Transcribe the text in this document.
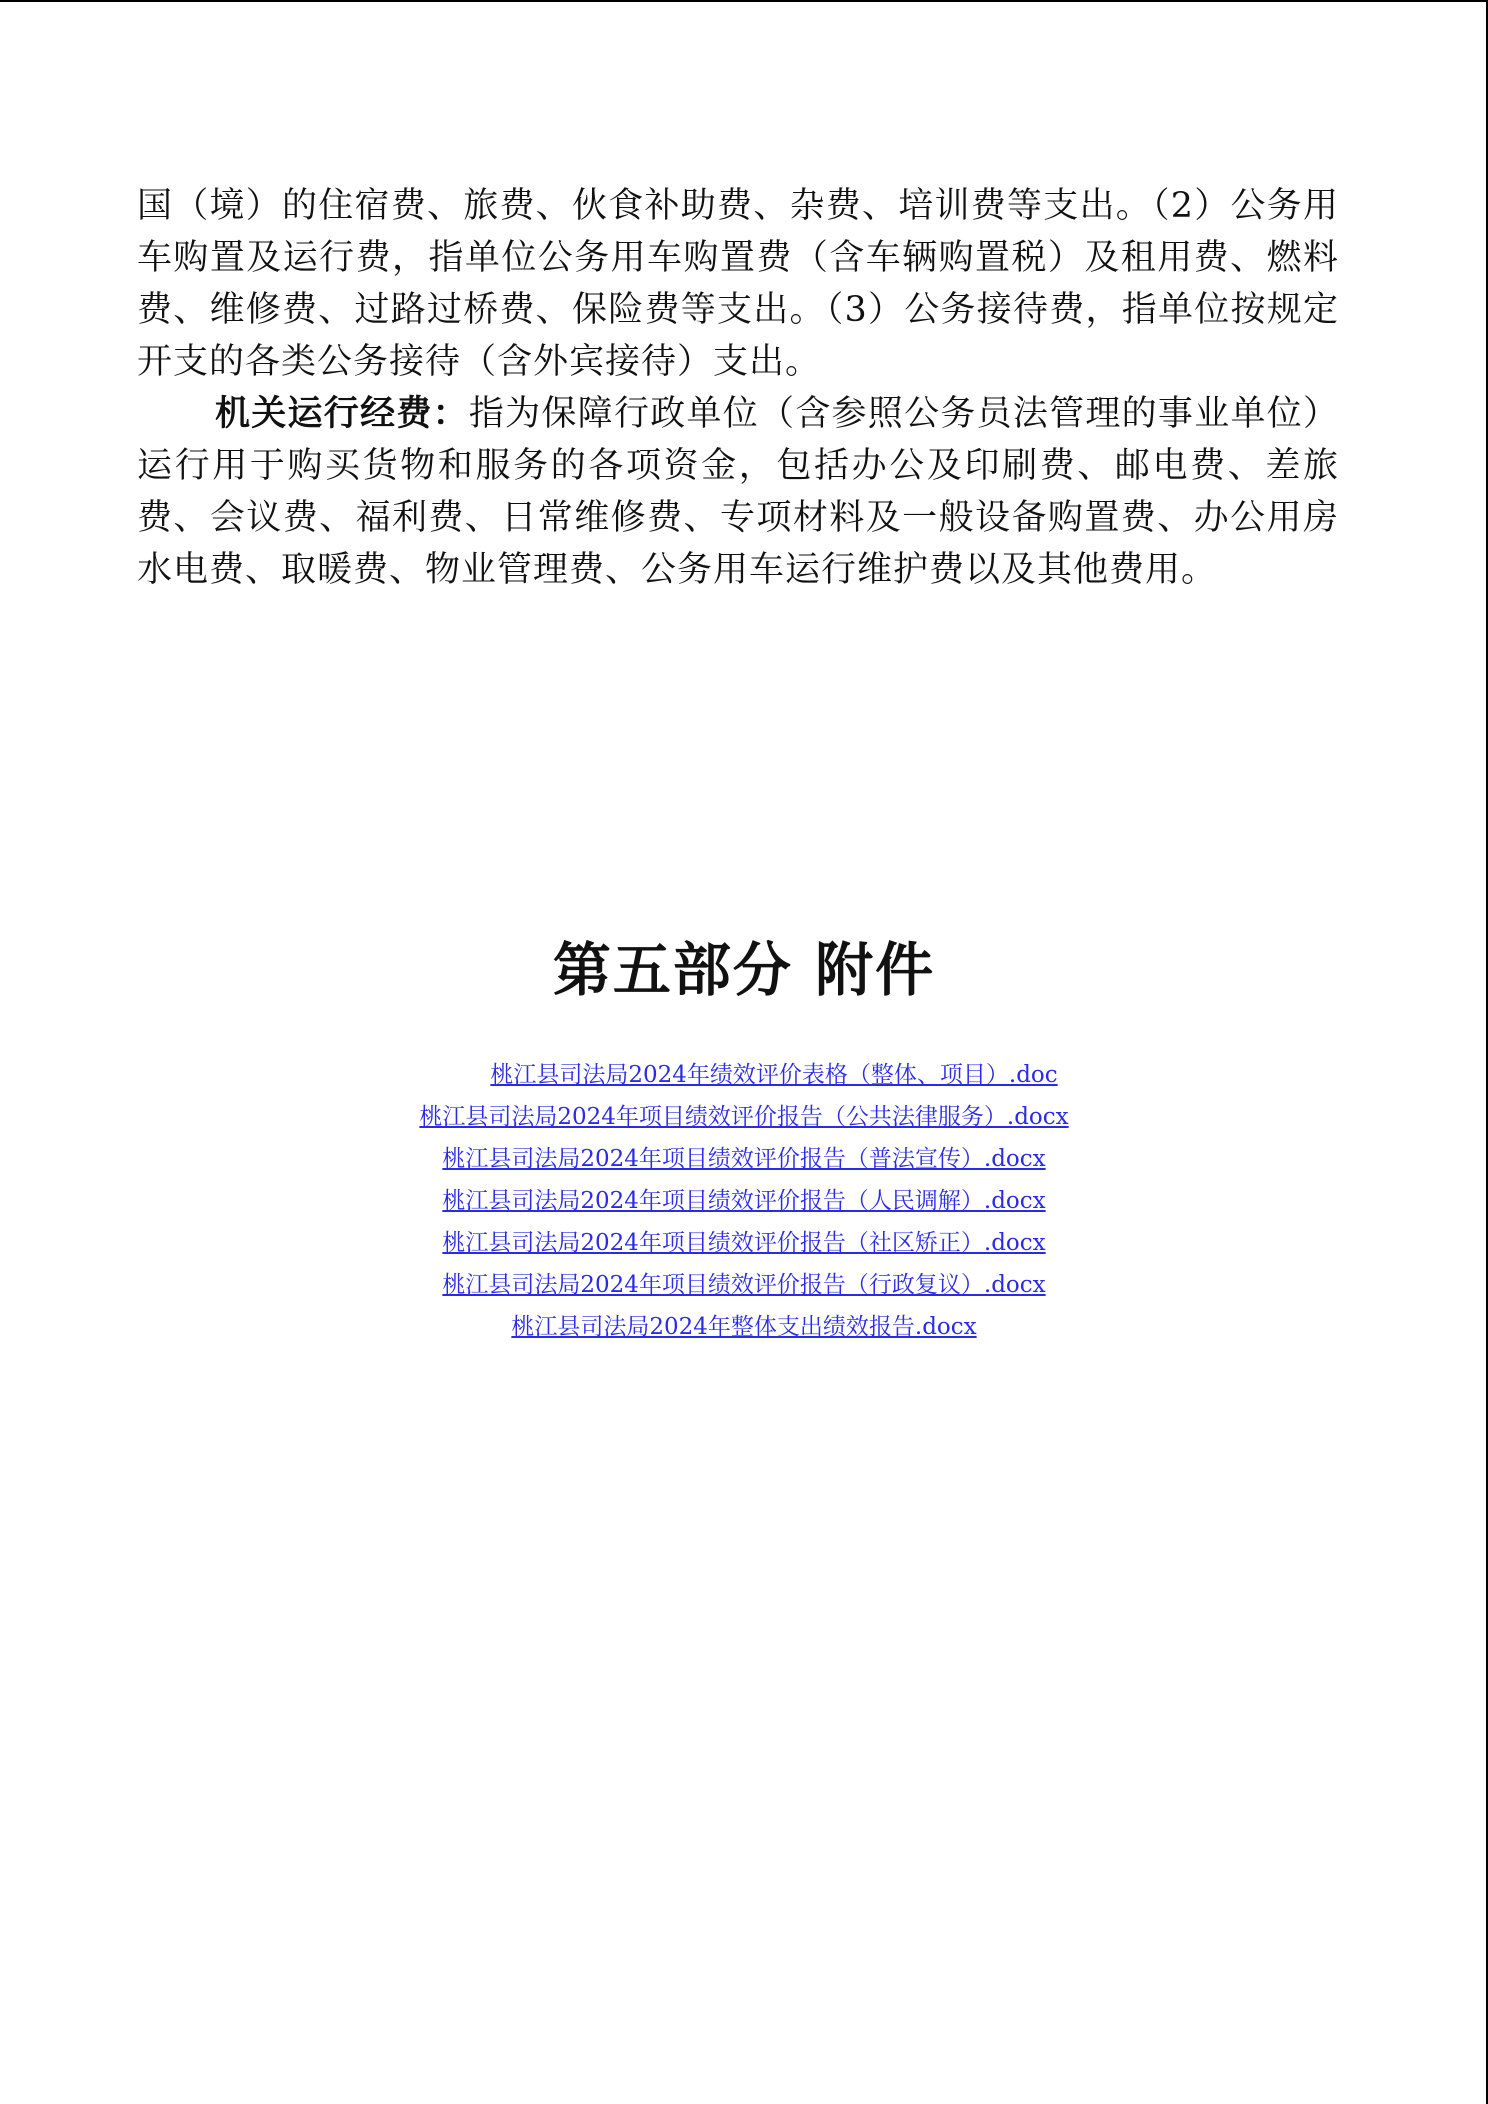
国（境）的住宿费、旅费、伙食补助费、杂费、培训费等支出。（2）公务用车购置及运行费，指单位公务用车购置费（含车辆购置税）及租用费、燃料费、维修费、过路过桥费、保险费等支出。（3）公务接待费，指单位按规定开支的各类公务接待（含外宾接待）支出。

机关运行经费：指为保障行政单位（含参照公务员法管理的事业单位）运行用于购买货物和服务的各项资金，包括办公及印刷费、邮电费、差旅费、会议费、福利费、日常维修费、专项材料及一般设备购置费、办公用房水电费、取暖费、物业管理费、公务用车运行维护费以及其他费用。

第五部分 附件
桃江县司法局2024年绩效评价表格（整体、项目）.doc
桃江县司法局2024年项目绩效评价报告（公共法律服务）.docx
桃江县司法局2024年项目绩效评价报告（普法宣传）.docx
桃江县司法局2024年项目绩效评价报告（人民调解）.docx
桃江县司法局2024年项目绩效评价报告（社区矫正）.docx
桃江县司法局2024年项目绩效评价报告（行政复议）.docx
桃江县司法局2024年整体支出绩效报告.docx
